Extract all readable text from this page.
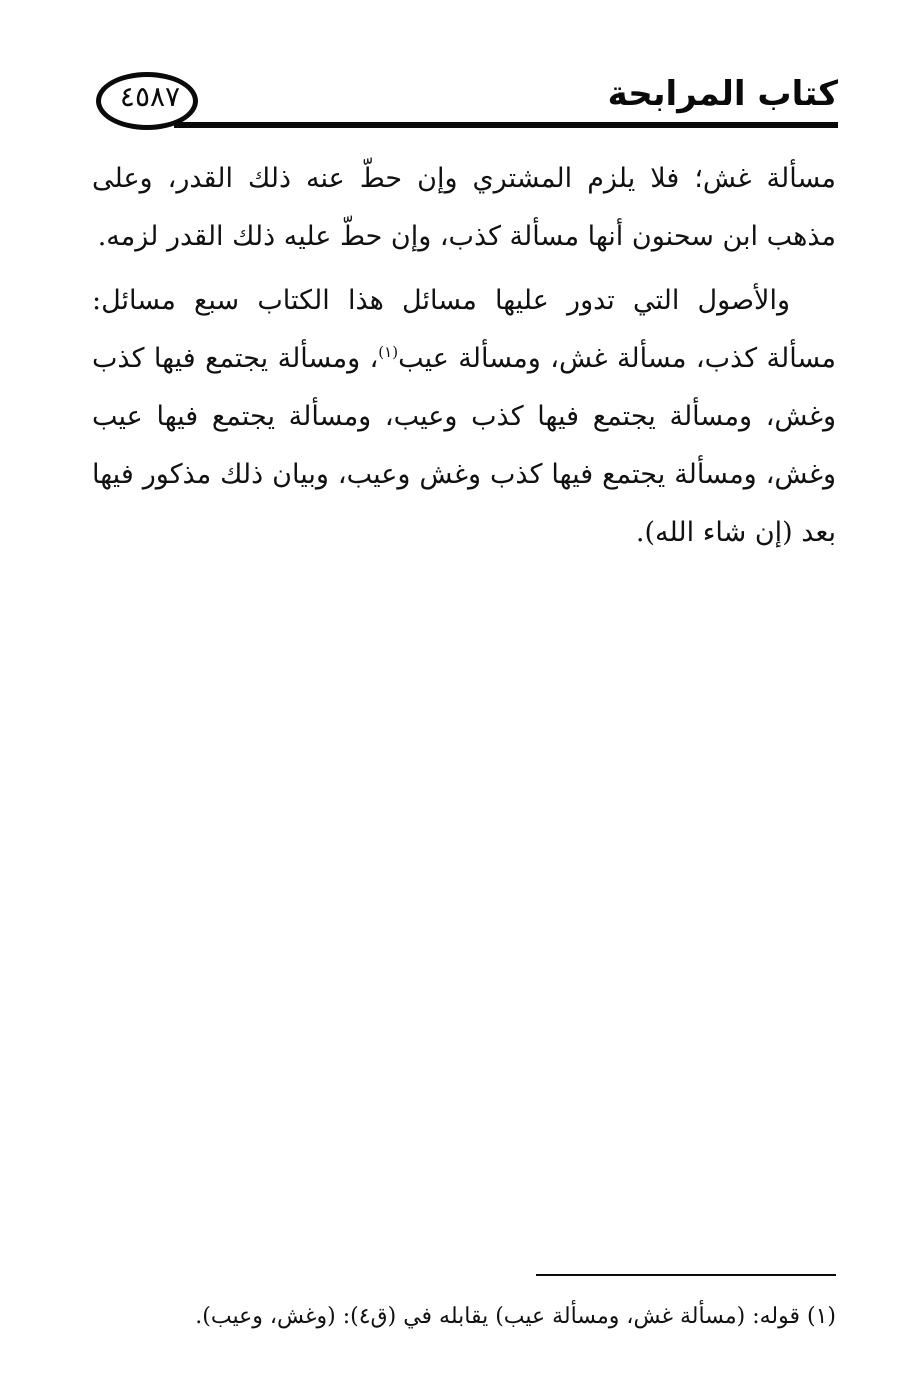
٤٥٨٧	كتاب المرابحة

مسألة غش؛ فلا يلزم المشتري وإن حطّ عنه ذلك القدر، وعلى مذهب ابن سحنون أنها مسألة كذب، وإن حطّ عليه ذلك القدر لزمه.

والأصول التي تدور عليها مسائل هذا الكتاب سبع مسائل: مسألة كذب، مسألة غش، ومسألة عيب$^{(١)}$، ومسألة يجتمع فيها كذب وغش، ومسألة يجتمع فيها كذب وعيب، ومسألة يجتمع فيها عيب وغش، ومسألة يجتمع فيها كذب وغش وعيب، وبيان ذلك مذكور فيها بعد (إن شاء الله).

(١) قوله: (مسألة غش، ومسألة عيب) يقابله في (ق٤): (وغش، وعيب).
